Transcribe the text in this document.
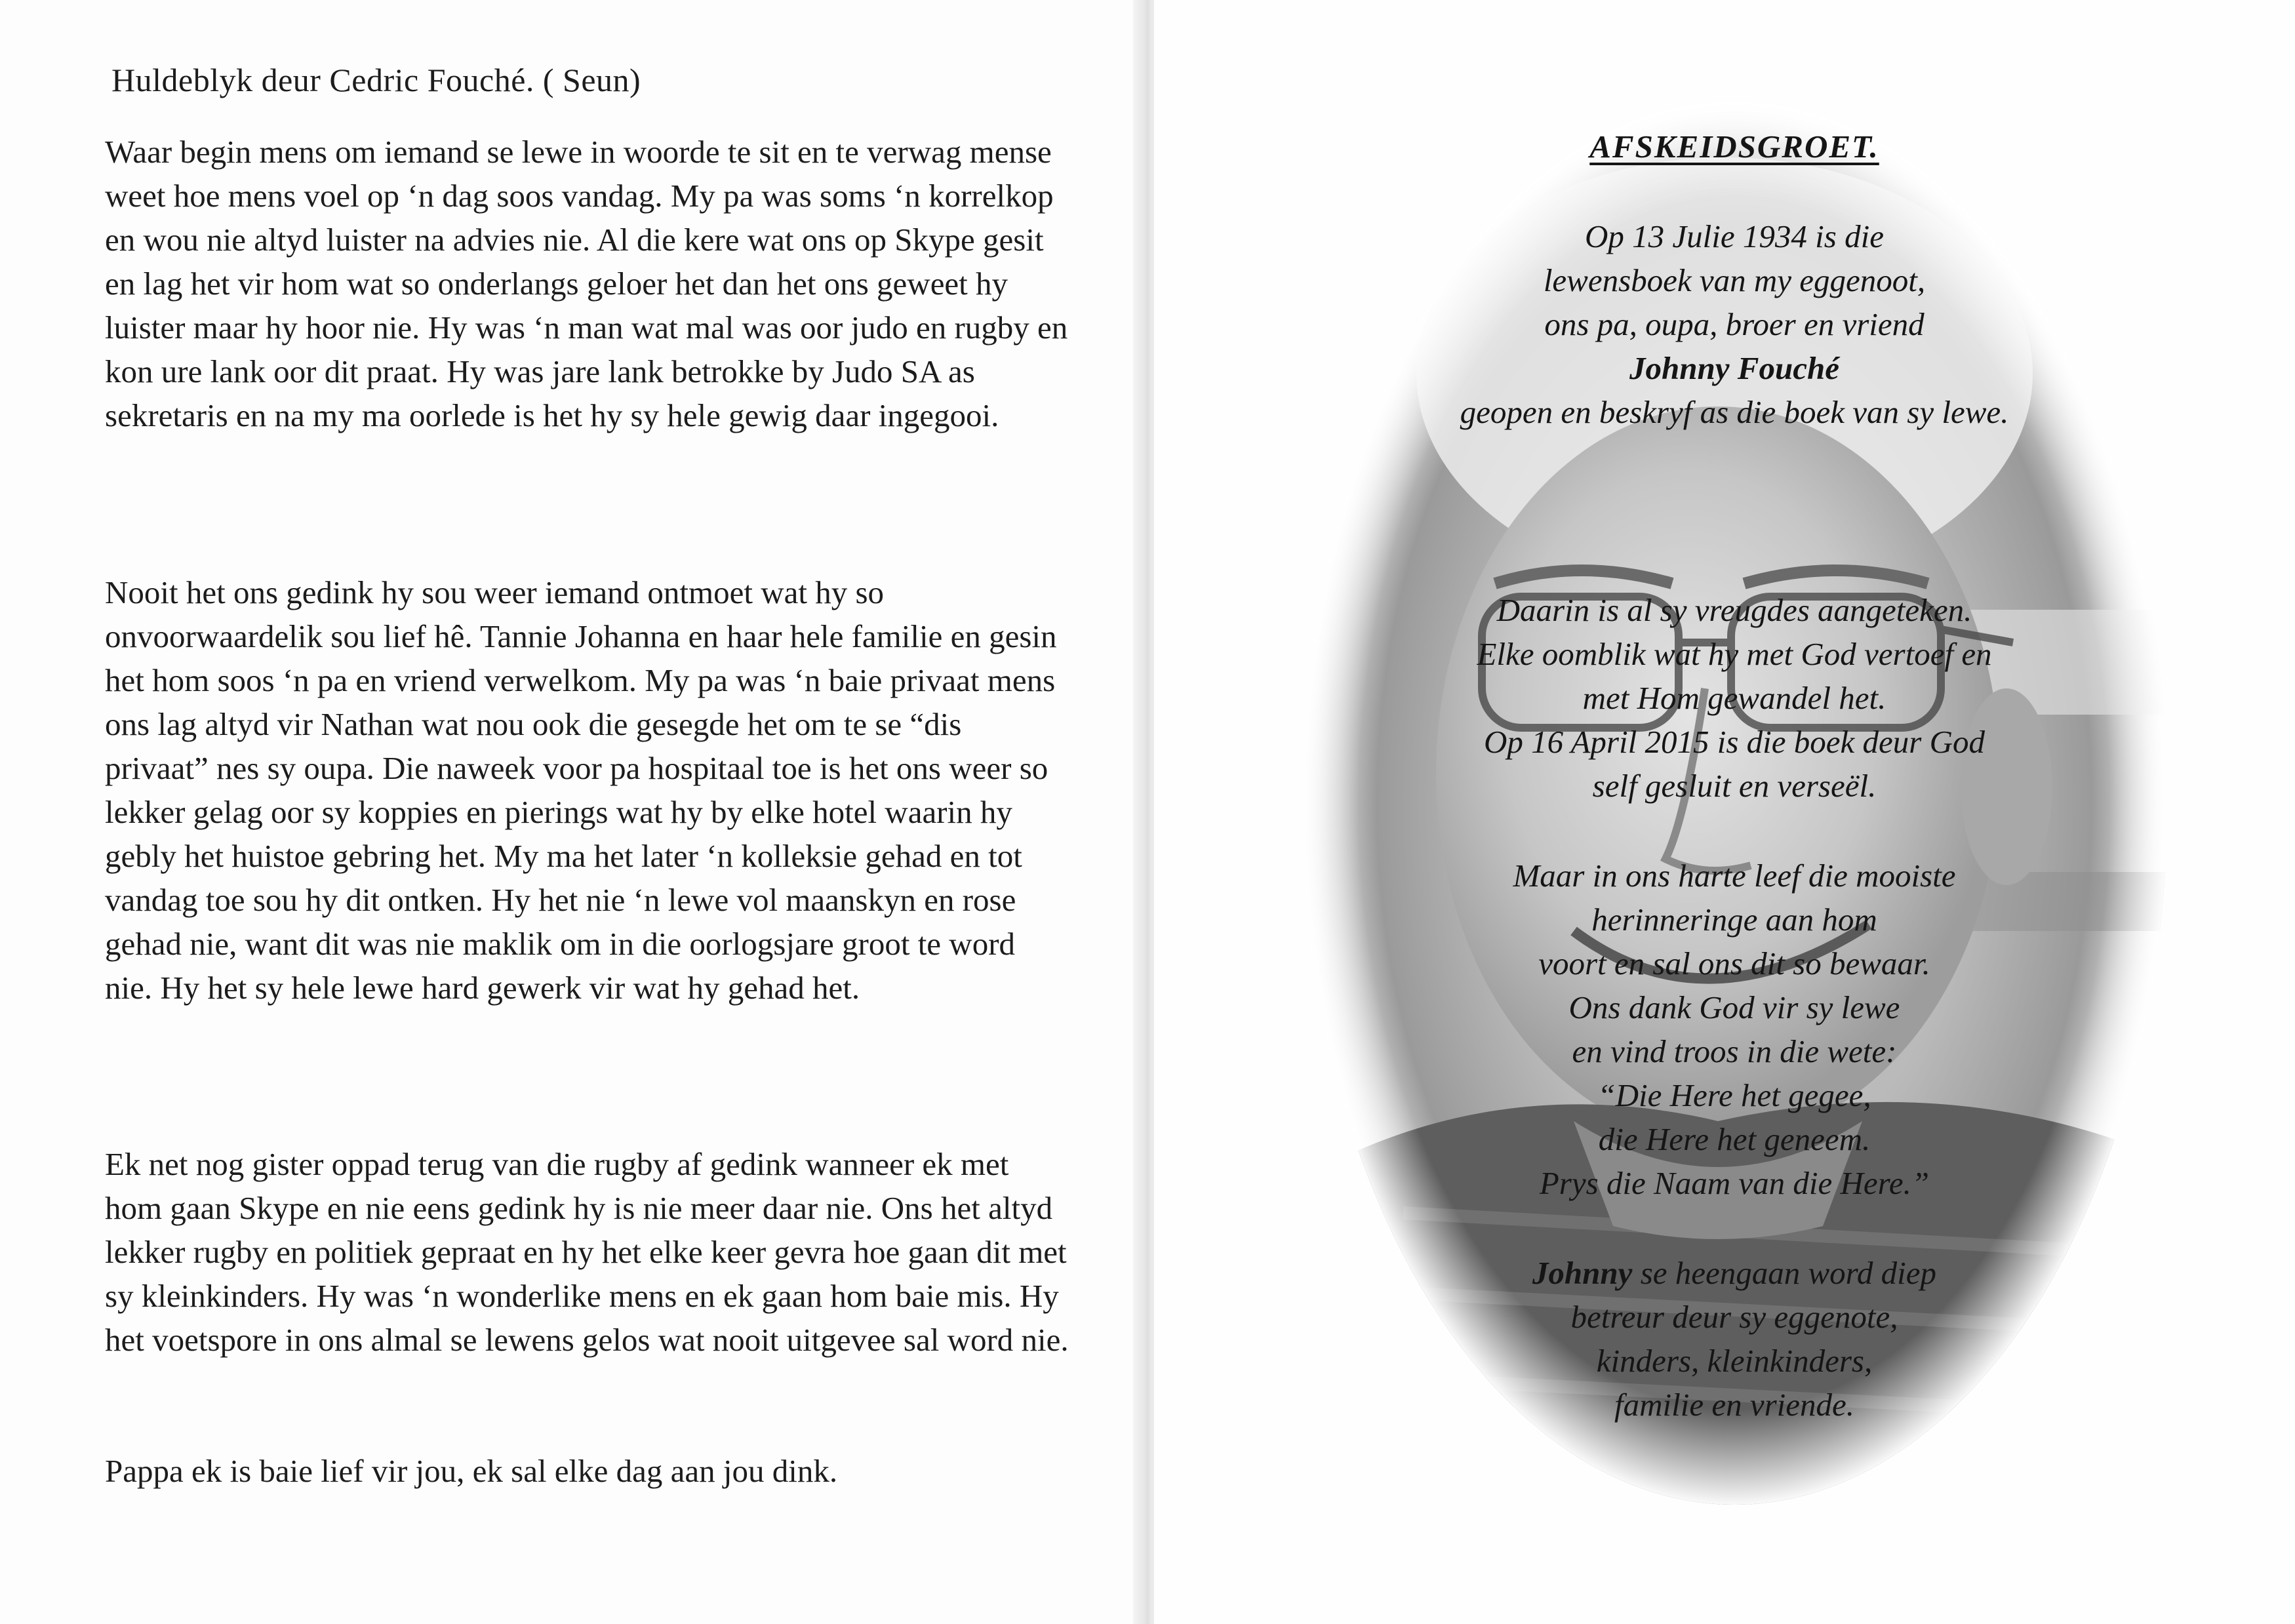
Huldeblyk deur Cedric Fouché. ( Seun)

Waar begin mens om iemand se lewe in woorde te sit en te verwag mense weet hoe mens voel op ‘n dag soos vandag. My pa was soms ‘n korrelkop en wou nie altyd luister na advies nie. Al die kere wat ons op Skype gesit en lag het vir hom wat so onderlangs geloer het dan het ons geweet hy luister maar hy hoor nie. Hy was ‘n man wat mal was oor judo en rugby en kon ure lank oor dit praat. Hy was jare lank betrokke by Judo SA as sekretaris en na my ma oorlede is het hy sy hele gewig daar ingegooi.

Nooit het ons gedink hy sou weer iemand ontmoet wat hy so onvoorwaardelik sou lief hê. Tannie Johanna en haar hele familie en gesin het hom soos ‘n pa en vriend verwelkom. My pa was ‘n baie privaat mens ons lag altyd vir Nathan wat nou ook die gesegde het om te se “dis privaat” nes sy oupa. Die naweek voor pa hospitaal toe is het ons weer so lekker gelag oor sy koppies en pierings wat hy by elke hotel waarin hy gebly het huistoe gebring het. My ma het later ‘n kolleksie gehad en tot vandag toe sou hy dit ontken. Hy het nie ‘n lewe vol maanskyn en rose gehad nie, want dit was nie maklik om in die oorlogsjare groot te word nie. Hy het sy hele lewe hard gewerk vir wat hy gehad het.

Ek net nog gister oppad terug van die rugby af gedink wanneer ek met hom gaan Skype en nie eens gedink hy is nie meer daar nie. Ons het altyd lekker rugby en politiek gepraat en hy het elke keer gevra hoe gaan dit met sy kleinkinders. Hy was ‘n wonderlike mens en ek gaan hom baie mis. Hy het voetspore in ons almal se lewens gelos wat nooit uitgevee sal word nie.

Pappa ek is baie lief vir jou, ek sal elke dag aan jou dink.

AFSKEIDSGROET.

Op 13 Julie 1934 is die

lewensboek van my eggenoot,

ons pa, oupa, broer en vriend

Johnny Fouché

geopen en beskryf as die boek van sy lewe.

Daarin is al sy vreugdes aangeteken.

Elke oomblik wat hy met God vertoef en

met Hom gewandel het.

Op 16 April 2015 is die boek deur God

self gesluit en verseël.

Maar in ons harte leef die mooiste

herinneringe aan hom

voort en sal ons dit so bewaar.

Ons dank God vir sy lewe

en vind troos in die wete:

“Die Here het gegee,

die Here het geneem.

Prys die Naam van die Here.”

Johnny se heengaan word diep

betreur deur sy eggenote,

kinders, kleinkinders,

familie en vriende.
